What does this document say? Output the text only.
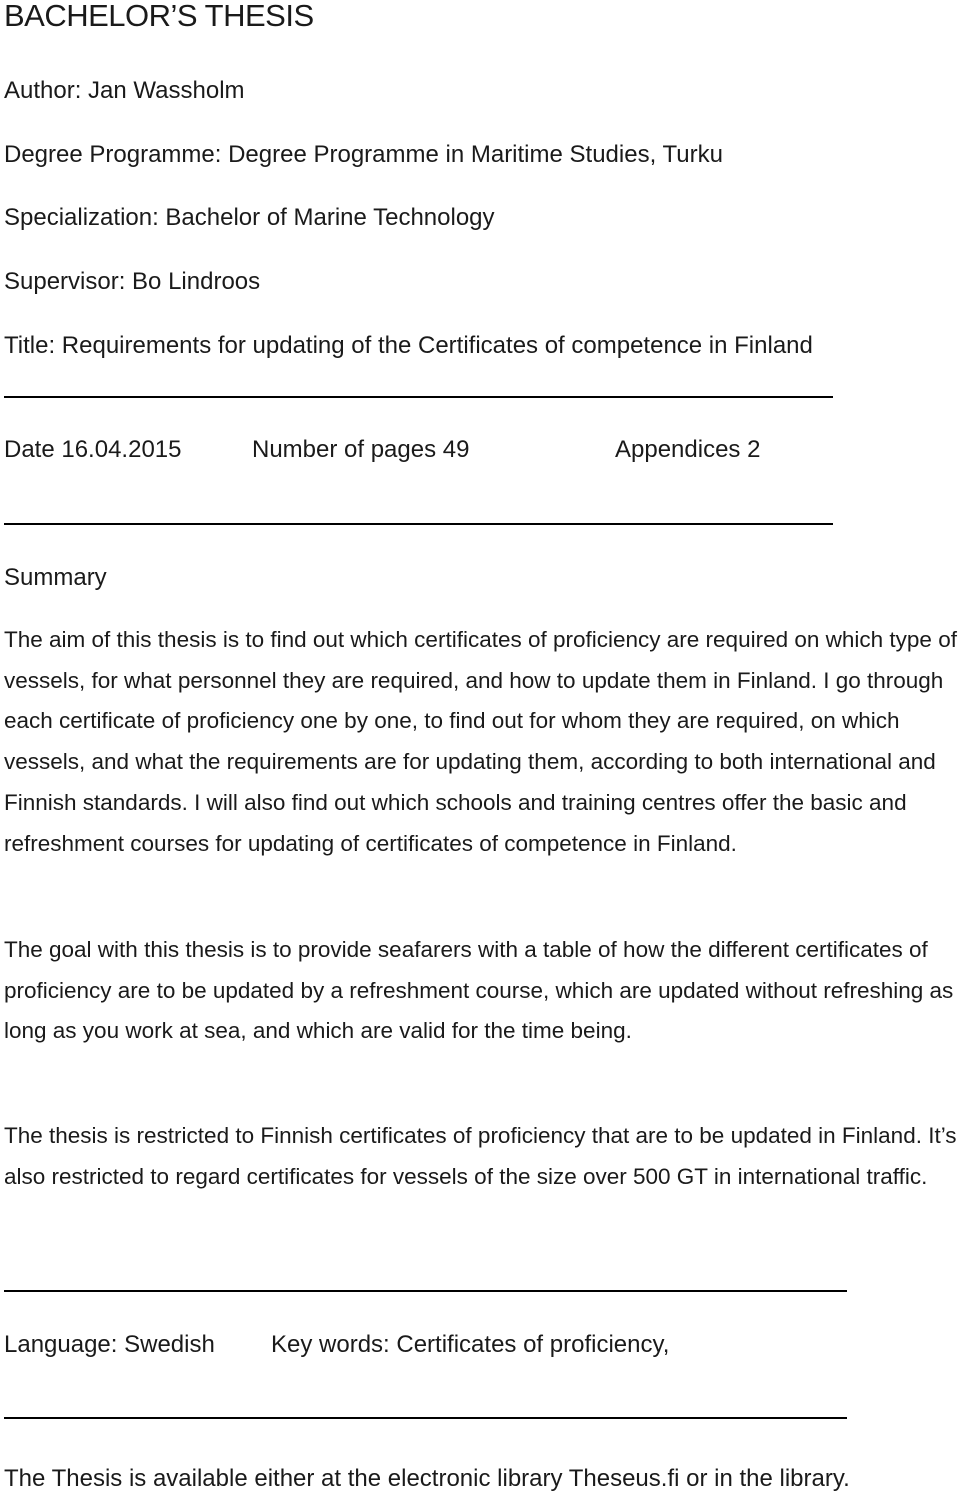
BACHELOR’S THESIS
Author: Jan Wassholm
Degree Programme: Degree Programme in Maritime Studies, Turku
Specialization: Bachelor of Marine Technology
Supervisor: Bo Lindroos
Title: Requirements for updating of the Certificates of competence in Finland
Date 16.04.2015	Number of pages 49	Appendices 2
Summary
The aim of this thesis is to find out which certificates of proficiency are required on which type of vessels, for what personnel they are required, and how to update them in Finland. I go through each certificate of proficiency one by one, to find out for whom they are required, on which vessels, and what the requirements are for updating them, according to both international and Finnish standards. I will also find out which schools and training centres offer the basic and refreshment courses for updating of certificates of competence in Finland.
The goal with this thesis is to provide seafarers with a table of how the different certificates of proficiency are to be updated by a refreshment course, which are updated without refreshing as long as you work at sea, and which are valid for the time being.
The thesis is restricted to Finnish certificates of proficiency that are to be updated in Finland. It’s also restricted to regard certificates for vessels of the size over 500 GT in international traffic.
Language: Swedish Key words: Certificates of proficiency,
The Thesis is available either at the electronic library Theseus.fi or in the library.
